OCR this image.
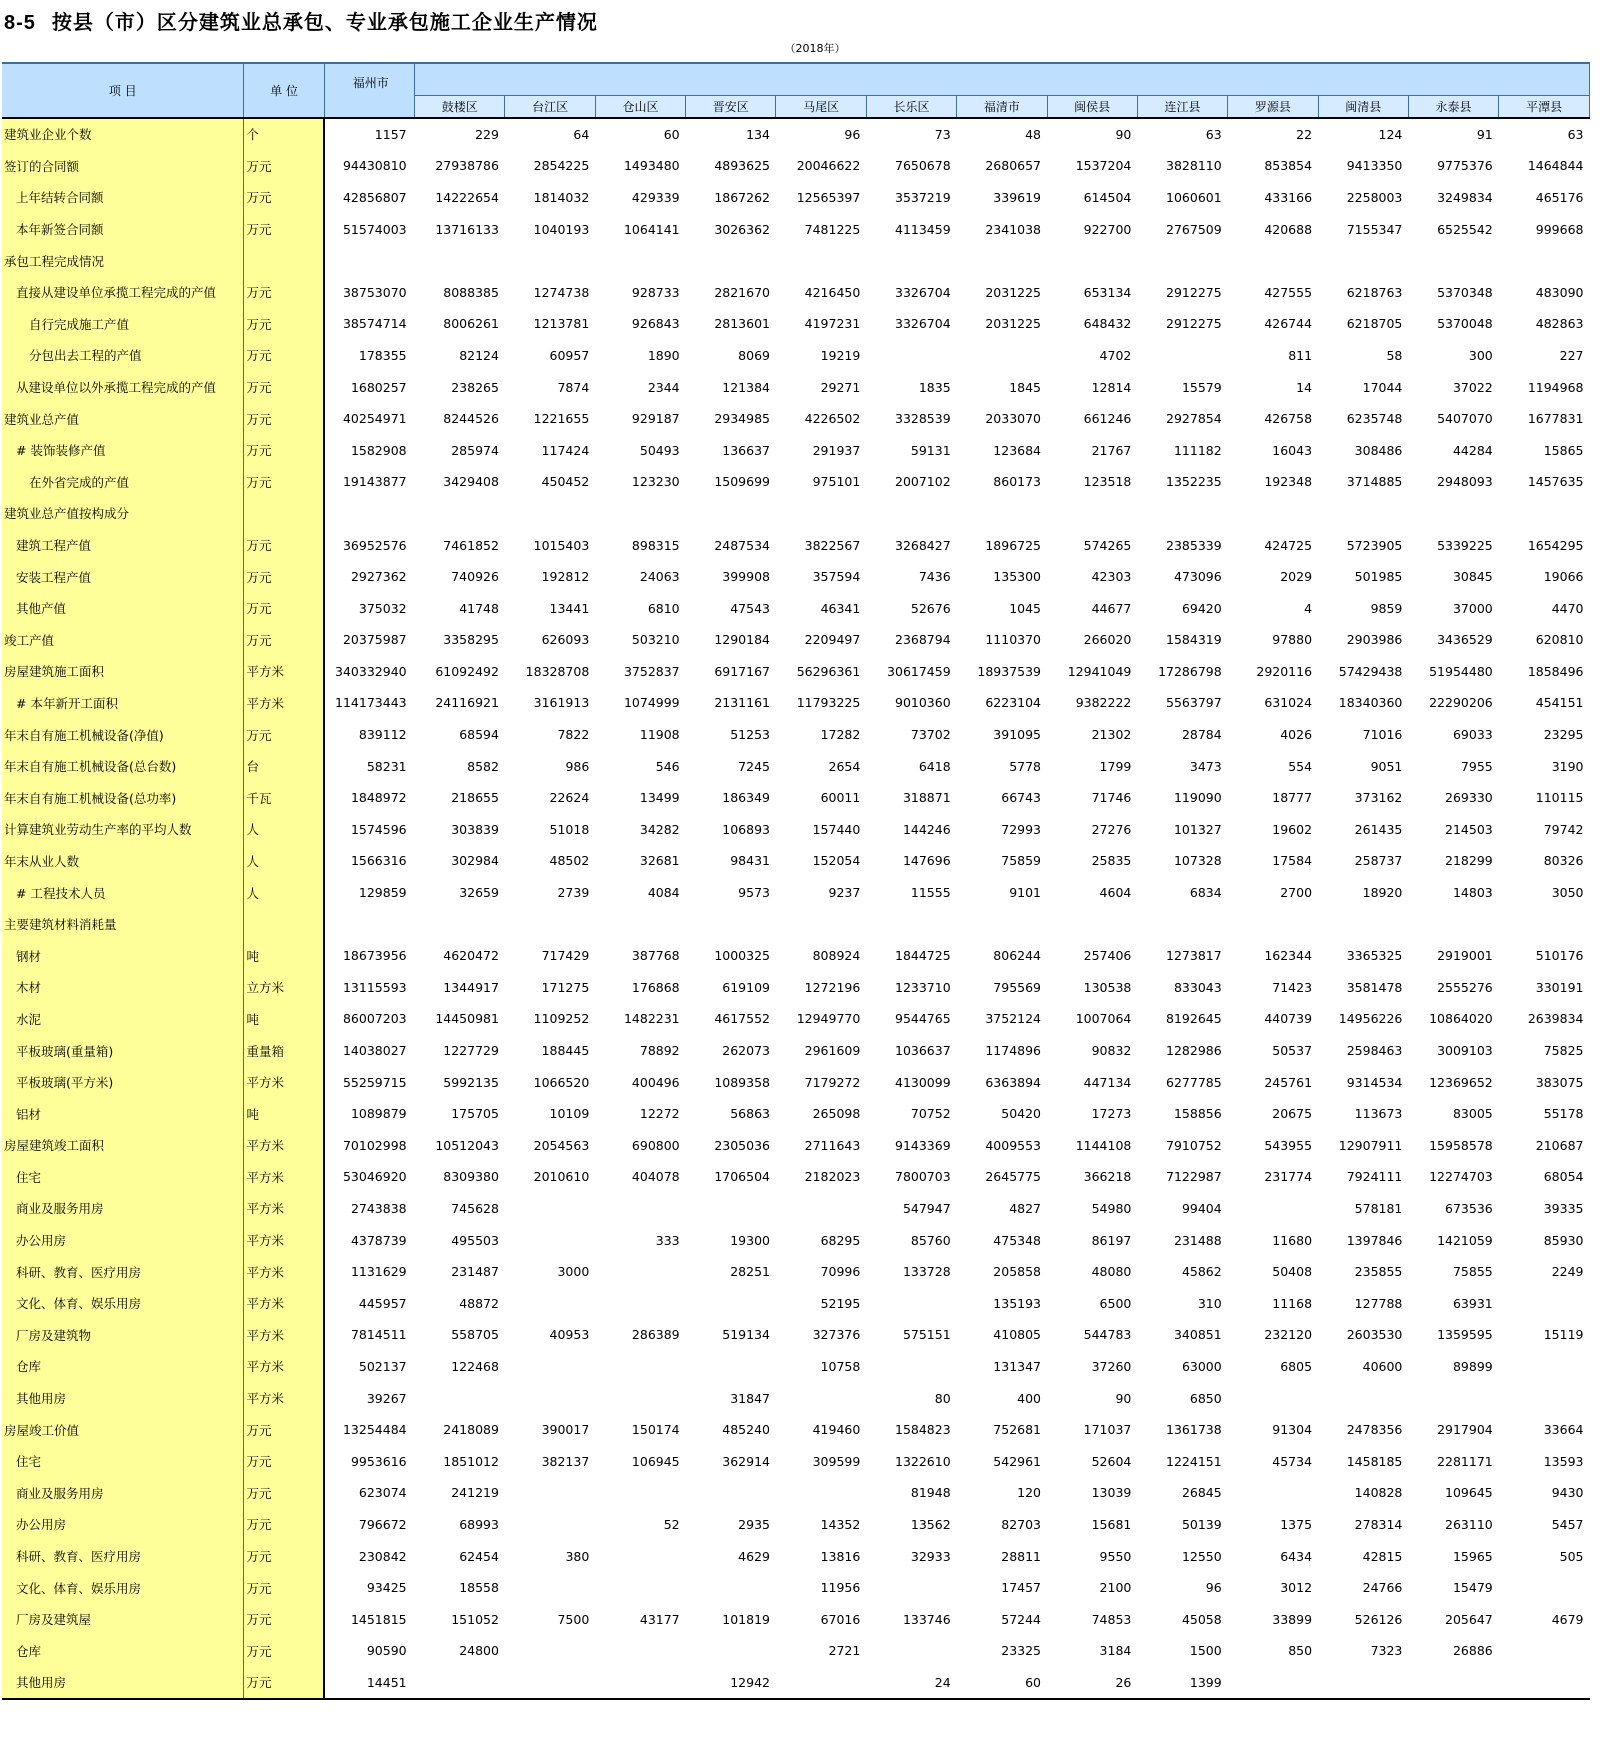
8-5 按县（市）区分建筑业总承包、专业承包施工企业生产情况
（2018年）
项 目	单 位	福州市													
			鼓楼区	台江区	仓山区	晋安区	马尾区	长乐区	福清市	闽侯县	连江县	罗源县	闽清县	永泰县	平潭县
建筑业企业个数	个	1157	229	64	60	134	96	73	48	90	63	22	124	91	63
签订的合同额	万元	94430810	27938786	2854225	1493480	4893625	20046622	7650678	2680657	1537204	3828110	853854	9413350	9775376	1464844
上年结转合同额	万元	42856807	14222654	1814032	429339	1867262	12565397	3537219	339619	614504	1060601	433166	2258003	3249834	465176
本年新签合同额	万元	51574003	13716133	1040193	1064141	3026362	7481225	4113459	2341038	922700	2767509	420688	7155347	6525542	999668
承包工程完成情况															
直接从建设单位承揽工程完成的产值	万元	38753070	8088385	1274738	928733	2821670	4216450	3326704	2031225	653134	2912275	427555	6218763	5370348	483090
自行完成施工产值	万元	38574714	8006261	1213781	926843	2813601	4197231	3326704	2031225	648432	2912275	426744	6218705	5370048	482863
分包出去工程的产值	万元	178355	82124	60957	1890	8069	19219			4702		811	58	300	227
从建设单位以外承揽工程完成的产值	万元	1680257	238265	7874	2344	121384	29271	1835	1845	12814	15579	14	17044	37022	1194968
建筑业总产值	万元	40254971	8244526	1221655	929187	2934985	4226502	3328539	2033070	661246	2927854	426758	6235748	5407070	1677831
# 装饰装修产值	万元	1582908	285974	117424	50493	136637	291937	59131	123684	21767	111182	16043	308486	44284	15865
在外省完成的产值	万元	19143877	3429408	450452	123230	1509699	975101	2007102	860173	123518	1352235	192348	3714885	2948093	1457635
建筑业总产值按构成分															
建筑工程产值	万元	36952576	7461852	1015403	898315	2487534	3822567	3268427	1896725	574265	2385339	424725	5723905	5339225	1654295
安装工程产值	万元	2927362	740926	192812	24063	399908	357594	7436	135300	42303	473096	2029	501985	30845	19066
其他产值	万元	375032	41748	13441	6810	47543	46341	52676	1045	44677	69420	4	9859	37000	4470
竣工产值	万元	20375987	3358295	626093	503210	1290184	2209497	2368794	1110370	266020	1584319	97880	2903986	3436529	620810
房屋建筑施工面积	平方米	340332940	61092492	18328708	3752837	6917167	56296361	30617459	18937539	12941049	17286798	2920116	57429438	51954480	1858496
# 本年新开工面积	平方米	114173443	24116921	3161913	1074999	2131161	11793225	9010360	6223104	9382222	5563797	631024	18340360	22290206	454151
年末自有施工机械设备(净值)	万元	839112	68594	7822	11908	51253	17282	73702	391095	21302	28784	4026	71016	69033	23295
年末自有施工机械设备(总台数)	台	58231	8582	986	546	7245	2654	6418	5778	1799	3473	554	9051	7955	3190
年末自有施工机械设备(总功率)	千瓦	1848972	218655	22624	13499	186349	60011	318871	66743	71746	119090	18777	373162	269330	110115
计算建筑业劳动生产率的平均人数	人	1574596	303839	51018	34282	106893	157440	144246	72993	27276	101327	19602	261435	214503	79742
年末从业人数	人	1566316	302984	48502	32681	98431	152054	147696	75859	25835	107328	17584	258737	218299	80326
# 工程技术人员	人	129859	32659	2739	4084	9573	9237	11555	9101	4604	6834	2700	18920	14803	3050
主要建筑材料消耗量															
钢材	吨	18673956	4620472	717429	387768	1000325	808924	1844725	806244	257406	1273817	162344	3365325	2919001	510176
木材	立方米	13115593	1344917	171275	176868	619109	1272196	1233710	795569	130538	833043	71423	3581478	2555276	330191
水泥	吨	86007203	14450981	1109252	1482231	4617552	12949770	9544765	3752124	1007064	8192645	440739	14956226	10864020	2639834
平板玻璃(重量箱)	重量箱	14038027	1227729	188445	78892	262073	2961609	1036637	1174896	90832	1282986	50537	2598463	3009103	75825
平板玻璃(平方米)	平方米	55259715	5992135	1066520	400496	1089358	7179272	4130099	6363894	447134	6277785	245761	9314534	12369652	383075
铝材	吨	1089879	175705	10109	12272	56863	265098	70752	50420	17273	158856	20675	113673	83005	55178
房屋建筑竣工面积	平方米	70102998	10512043	2054563	690800	2305036	2711643	9143369	4009553	1144108	7910752	543955	12907911	15958578	210687
住宅	平方米	53046920	8309380	2010610	404078	1706504	2182023	7800703	2645775	366218	7122987	231774	7924111	12274703	68054
商业及服务用房	平方米	2743838	745628					547947	4827	54980	99404		578181	673536	39335
办公用房	平方米	4378739	495503		333	19300	68295	85760	475348	86197	231488	11680	1397846	1421059	85930
科研、教育、医疗用房	平方米	1131629	231487	3000		28251	70996	133728	205858	48080	45862	50408	235855	75855	2249
文化、体育、娱乐用房	平方米	445957	48872				52195		135193	6500	310	11168	127788	63931	
厂房及建筑物	平方米	7814511	558705	40953	286389	519134	327376	575151	410805	544783	340851	232120	2603530	1359595	15119
仓库	平方米	502137	122468				10758		131347	37260	63000	6805	40600	89899	
其他用房	平方米	39267				31847		80	400	90	6850				
房屋竣工价值	万元	13254484	2418089	390017	150174	485240	419460	1584823	752681	171037	1361738	91304	2478356	2917904	33664
住宅	万元	9953616	1851012	382137	106945	362914	309599	1322610	542961	52604	1224151	45734	1458185	2281171	13593
商业及服务用房	万元	623074	241219					81948	120	13039	26845		140828	109645	9430
办公用房	万元	796672	68993		52	2935	14352	13562	82703	15681	50139	1375	278314	263110	5457
科研、教育、医疗用房	万元	230842	62454	380		4629	13816	32933	28811	9550	12550	6434	42815	15965	505
文化、体育、娱乐用房	万元	93425	18558				11956		17457	2100	96	3012	24766	15479	
厂房及建筑屋	万元	1451815	151052	7500	43177	101819	67016	133746	57244	74853	45058	33899	526126	205647	4679
仓库	万元	90590	24800				2721		23325	3184	1500	850	7323	26886	
其他用房	万元	14451				12942		24	60	26	1399				
